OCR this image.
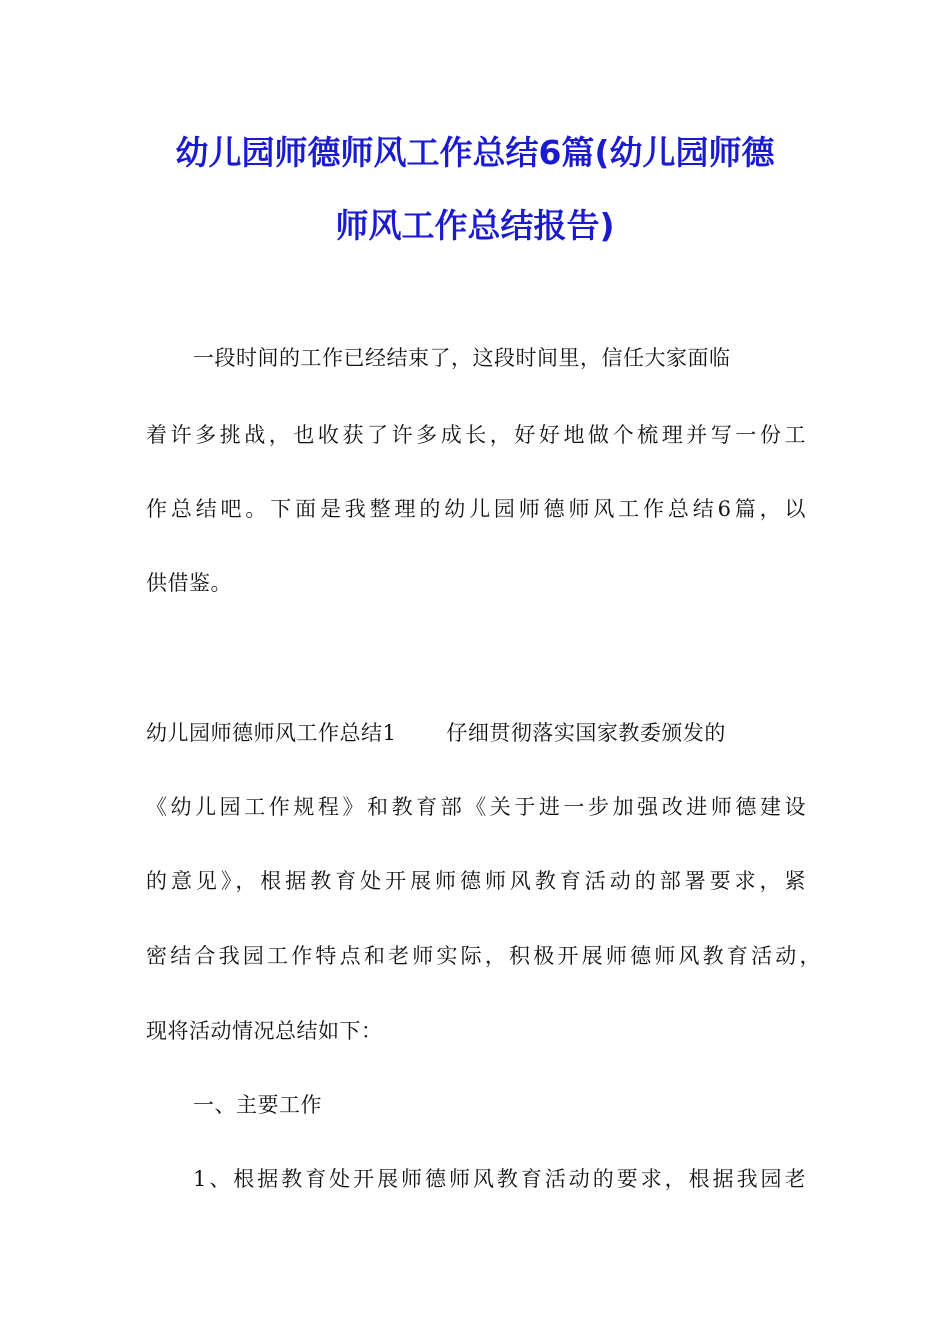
幼儿园师德师风工作总结6篇(幼儿园师德
师风工作总结报告)
一段时间的工作已经结束了，这段时间里，信任大家面临
着许多挑战，也收获了许多成长，好好地做个梳理并写一份工
作总结吧。下面是我整理的幼儿园师德师风工作总结6篇，以
供借鉴。
幼儿园师德师风工作总结1 仔细贯彻落实国家教委颁发的
《幼儿园工作规程》和教育部《关于进一步加强改进师德建设
的意见》，根据教育处开展师德师风教育活动的部署要求，紧
密结合我园工作特点和老师实际，积极开展师德师风教育活动，
现将活动情况总结如下：
一、主要工作
1、根据教育处开展师德师风教育活动的要求，根据我园老
